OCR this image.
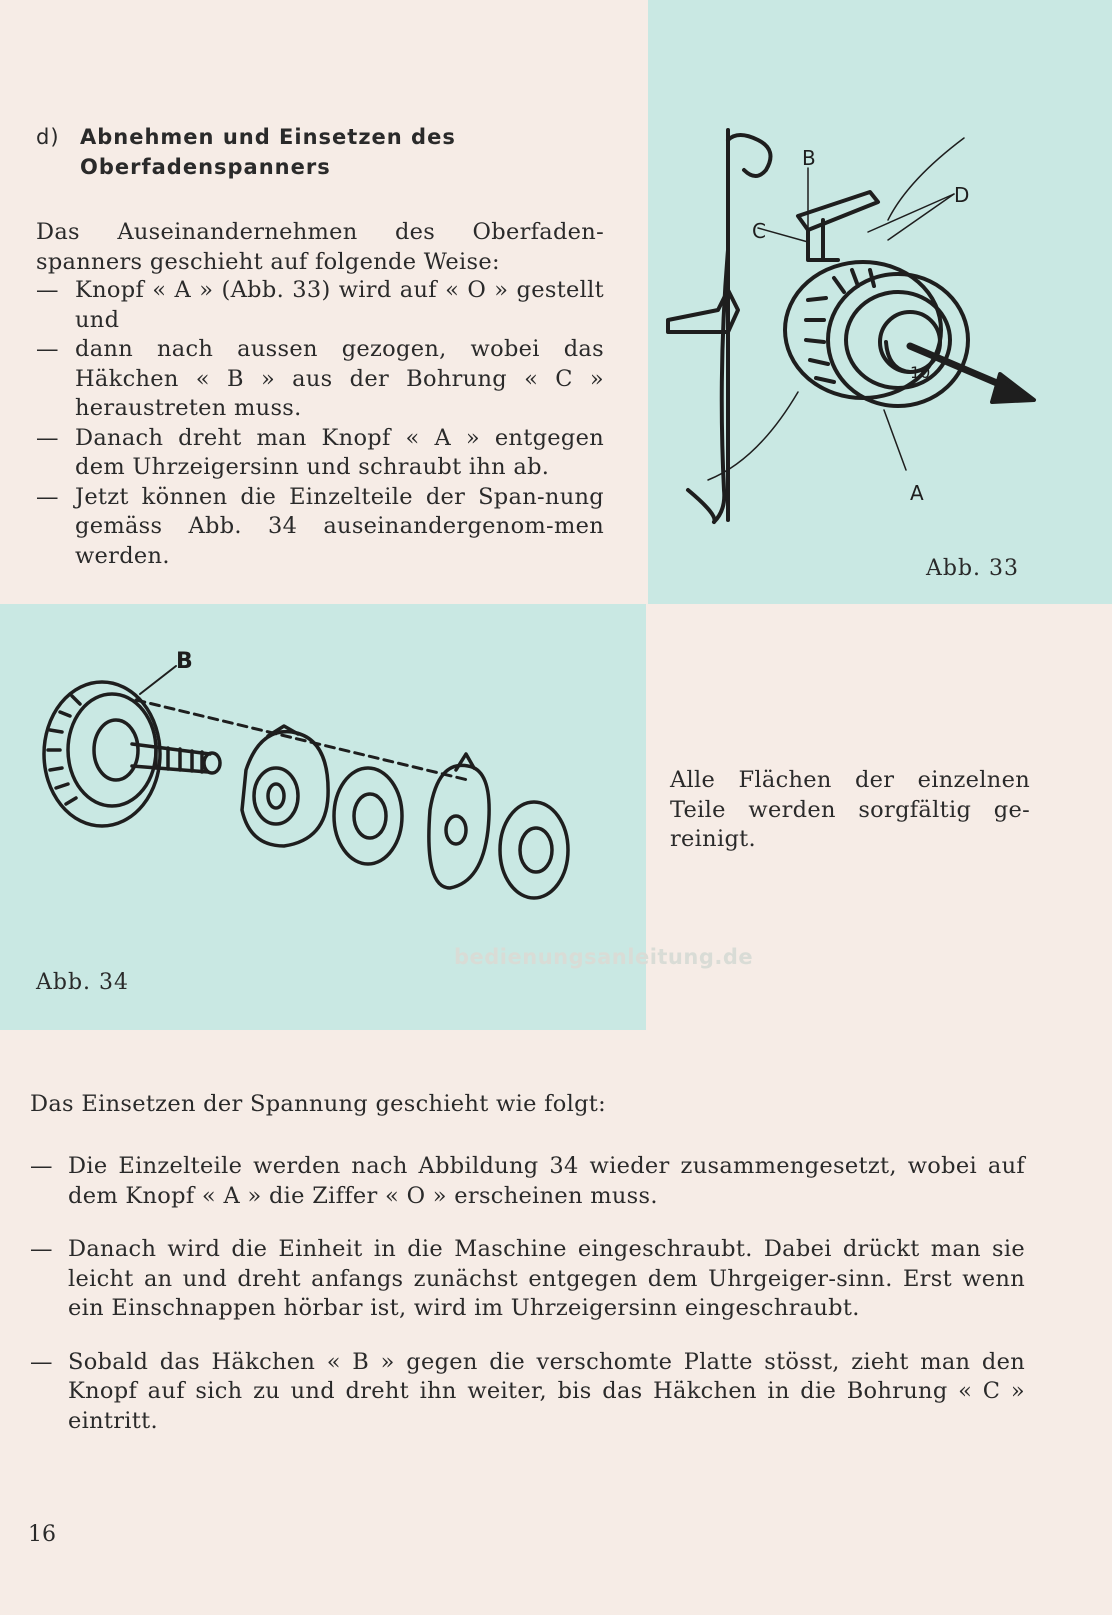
d) Abnehmen und Einsetzen des
Oberfadenspanners
Das Auseinandernehmen des Oberfaden-spanners geschieht auf folgende Weise:
— Knopf « A » (Abb. 33) wird auf « O » gestellt und
— dann nach aussen gezogen, wobei das Häkchen « B » aus der Bohrung « C » heraustreten muss.
— Danach dreht man Knopf « A » entgegen dem Uhrzeigersinn und schraubt ihn ab.
— Jetzt können die Einzelteile der Span-nung gemäss Abb. 34 auseinandergenom-men werden.
10
B
D
C
A
Abb. 33
B
Abb. 34
Alle Flächen der einzelnen Teile werden sorgfältig ge-reinigt.
bedienungsanleitung.de
Das Einsetzen der Spannung geschieht wie folgt:
— Die Einzelteile werden nach Abbildung 34 wieder zusammengesetzt, wobei auf dem Knopf « A » die Ziffer « O » erscheinen muss.
— Danach wird die Einheit in die Maschine eingeschraubt. Dabei drückt man sie leicht an und dreht anfangs zunächst entgegen dem Uhrgeiger-sinn. Erst wenn ein Einschnappen hörbar ist, wird im Uhrzeigersinn eingeschraubt.
— Sobald das Häkchen « B » gegen die verschomte Platte stösst, zieht man den Knopf auf sich zu und dreht ihn weiter, bis das Häkchen in die Bohrung « C » eintritt.
16
